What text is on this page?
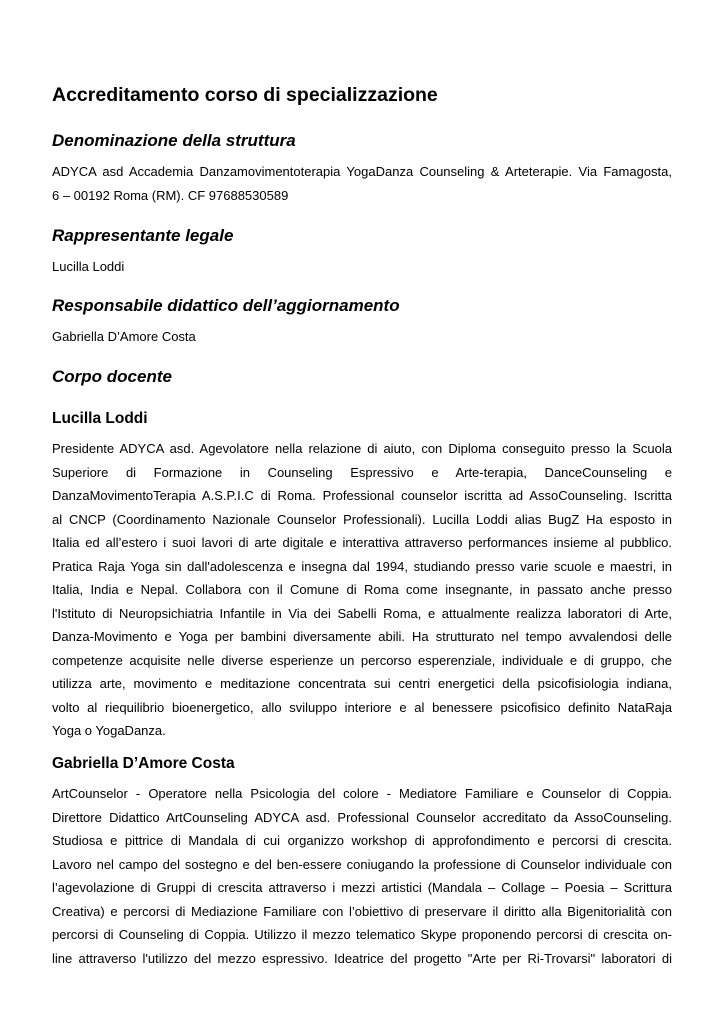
Accreditamento corso di specializzazione
Denominazione della struttura
ADYCA asd Accademia Danzamovimentoterapia YogaDanza Counseling & Arteterapie. Via Famagosta,
6 – 00192 Roma (RM). CF 97688530589
Rappresentante legale

Lucilla Loddi

Responsabile didattico dell’aggiornamento

Gabriella D’Amore Costa

Corpo docente
Lucilla Loddi
Presidente ADYCA asd. Agevolatore nella relazione di aiuto, con Diploma conseguito presso la Scuola
Superiore di Formazione in Counseling Espressivo e Arte-terapia, DanceCounseling e
DanzaMovimentoTerapia A.S.P.I.C di Roma. Professional counselor iscritta ad AssoCounseling. Iscritta
al CNCP (Coordinamento Nazionale Counselor Professionali). Lucilla Loddi alias BugZ Ha esposto in
Italia ed all’estero i suoi lavori di arte digitale e interattiva attraverso performances insieme al pubblico.
Pratica Raja Yoga sin dall'adolescenza e insegna dal 1994, studiando presso varie scuole e maestri, in
Italia, India e Nepal. Collabora con il Comune di Roma come insegnante, in passato anche presso
l'Istituto di Neuropsichiatria Infantile in Via dei Sabelli Roma, e attualmente realizza laboratori di Arte,
Danza-Movimento e Yoga per bambini diversamente abili. Ha strutturato nel tempo avvalendosi delle
competenze acquisite nelle diverse esperienze un percorso esperenziale, individuale e di gruppo, che
utilizza arte, movimento e meditazione concentrata sui centri energetici della psicofisiologia indiana,
volto al riequilibrio bioenergetico, allo sviluppo interiore e al benessere psicofisico definito NataRaja
Yoga o YogaDanza.
Gabriella D’Amore Costa
ArtCounselor - Operatore nella Psicologia del colore - Mediatore Familiare e Counselor di Coppia.
Direttore Didattico ArtCounseling ADYCA asd. Professional Counselor accreditato da AssoCounseling.
Studiosa e pittrice di Mandala di cui organizzo workshop di approfondimento e percorsi di crescita.
Lavoro nel campo del sostegno e del ben-essere coniugando la professione di Counselor individuale con
l’agevolazione di Gruppi di crescita attraverso i mezzi artistici (Mandala – Collage – Poesia – Scrittura
Creativa) e percorsi di Mediazione Familiare con l’obiettivo di preservare il diritto alla Bigenitorialità con
percorsi di Counseling di Coppia. Utilizzo il mezzo telematico Skype proponendo percorsi di crescita on-
line attraverso l'utilizzo del mezzo espressivo. Ideatrice del progetto "Arte per Ri-Trovarsi" laboratori di
